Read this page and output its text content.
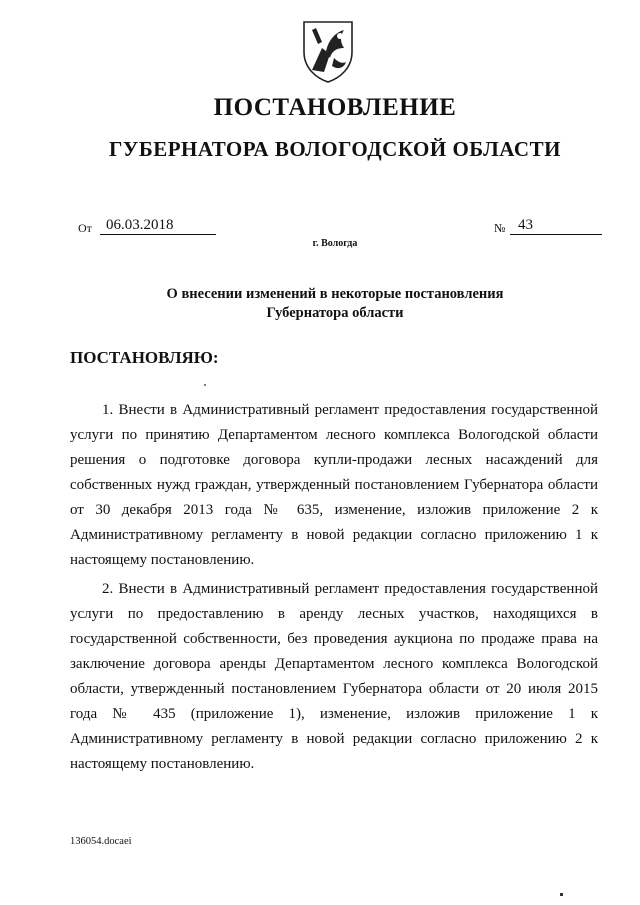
ПОСТАНОВЛЕНИЕ
ГУБЕРНАТОРА ВОЛОГОДСКОЙ ОБЛАСТИ
От 06.03.2018	№ 43
г. Вологда
О внесении изменений в некоторые постановления
Губернатора области

ПОСТАНОВЛЯЮ:

1. Внести в Административный регламент предоставления государственной услуги по принятию Департаментом лесного комплекса Вологодской области решения о подготовке договора купли-продажи лесных насаждений для собственных нужд граждан, утвержденный постановлением Губернатора области от 30 декабря 2013 года № 635, изменение, изложив приложение 2 к Административному регламенту в новой редакции согласно приложению 1 к настоящему постановлению.

2. Внести в Административный регламент предоставления государственной услуги по предоставлению в аренду лесных участков, находящихся в государственной собственности, без проведения аукциона по продаже права на заключение договора аренды Департаментом лесного комплекса Вологодской области, утвержденный постановлением Губернатора области от 20 июля 2015 года № 435 (приложение 1), изменение, изложив приложение 1 к Административному регламенту в новой редакции согласно приложению 2 к настоящему постановлению.

136054.docaei
